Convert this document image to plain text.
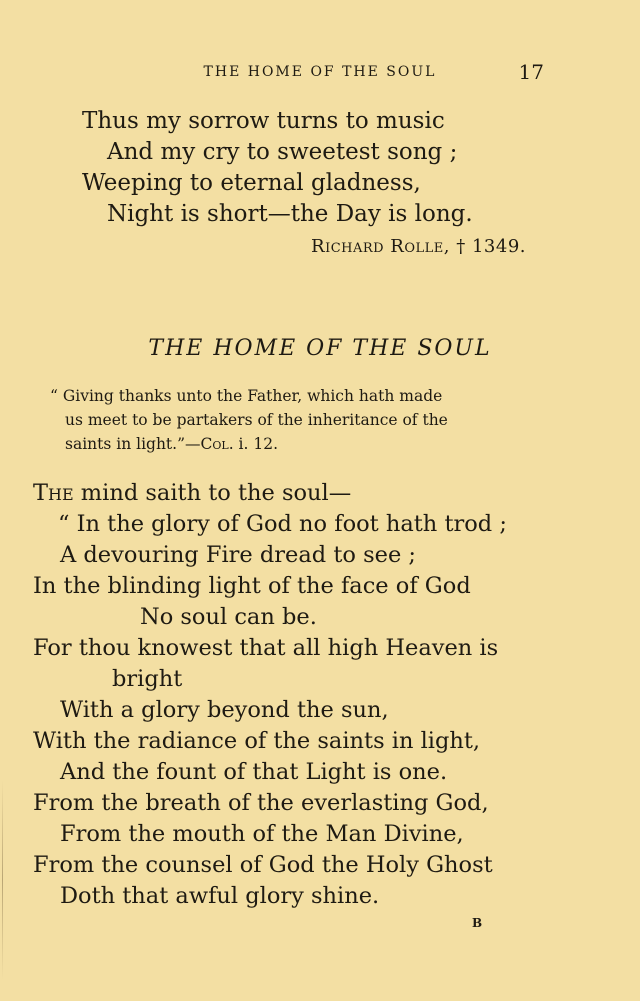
THE HOME OF THE SOUL	17
Thus my sorrow turns to music
And my cry to sweetest song ;
Weeping to eternal gladness,
Night is short—the Day is long.
Richard Rolle, † 1349.
THE HOME OF THE SOUL
“ Giving thanks unto the Father, which hath made
us meet to be partakers of the inheritance of the
saints in light.”—Col. i. 12.
The mind saith to the soul—
“ In the glory of God no foot hath trod ;
A devouring Fire dread to see ;
In the blinding light of the face of God
No soul can be.
For thou knowest that all high Heaven is
bright
With a glory beyond the sun,
With the radiance of the saints in light,
And the fount of that Light is one.
From the breath of the everlasting God,
From the mouth of the Man Divine,
From the counsel of God the Holy Ghost
Doth that awful glory shine.
B
